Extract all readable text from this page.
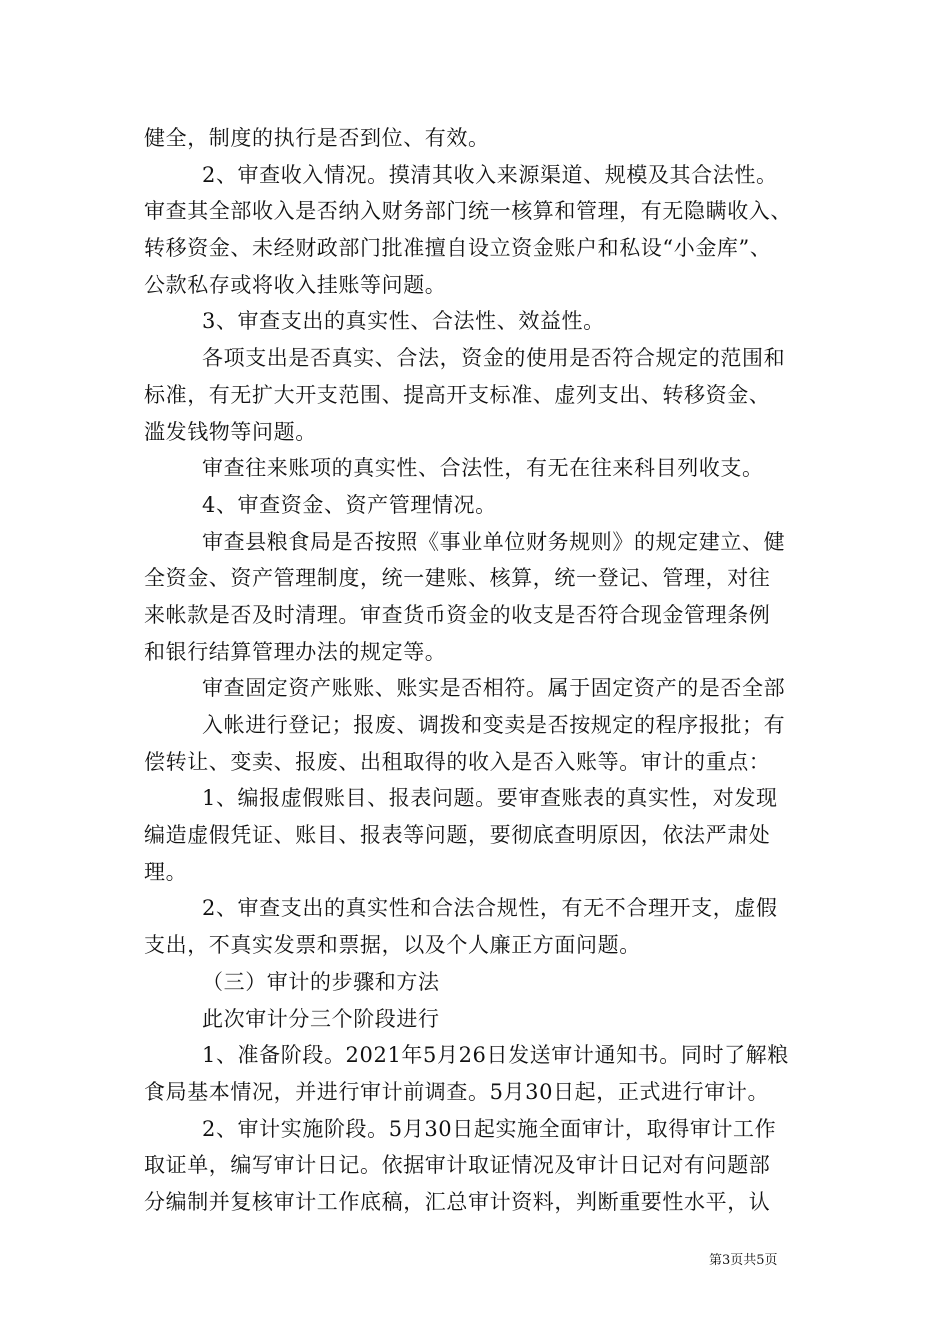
健全，制度的执行是否到位、有效。
2、审查收入情况。摸清其收入来源渠道、规模及其合法性。
审查其全部收入是否纳入财务部门统一核算和管理，有无隐瞒收入、
转移资金、未经财政部门批准擅自设立资金账户和私设“小金库”、
公款私存或将收入挂账等问题。
3、审查支出的真实性、合法性、效益性。
各项支出是否真实、合法，资金的使用是否符合规定的范围和
标准，有无扩大开支范围、提高开支标准、虚列支出、转移资金、
滥发钱物等问题。
审查往来账项的真实性、合法性，有无在往来科目列收支。
4、审查资金、资产管理情况。
审查县粮食局是否按照《事业单位财务规则》的规定建立、健
全资金、资产管理制度，统一建账、核算，统一登记、管理，对往
来帐款是否及时清理。审查货币资金的收支是否符合现金管理条例
和银行结算管理办法的规定等。
审查固定资产账账、账实是否相符。属于固定资产的是否全部
入帐进行登记；报废、调拨和变卖是否按规定的程序报批；有
偿转让、变卖、报废、出租取得的收入是否入账等。审计的重点：
1、编报虚假账目、报表问题。要审查账表的真实性，对发现
编造虚假凭证、账目、报表等问题，要彻底查明原因，依法严肃处
理。
2、审查支出的真实性和合法合规性，有无不合理开支，虚假
支出，不真实发票和票据，以及个人廉正方面问题。
（三）审计的步骤和方法
此次审计分三个阶段进行
1、准备阶段。2021年5月26日发送审计通知书。同时了解粮
食局基本情况，并进行审计前调查。5月30日起，正式进行审计。
2、审计实施阶段。5月30日起实施全面审计，取得审计工作
取证单，编写审计日记。依据审计取证情况及审计日记对有问题部
分编制并复核审计工作底稿，汇总审计资料，判断重要性水平，认
第3页共5页
